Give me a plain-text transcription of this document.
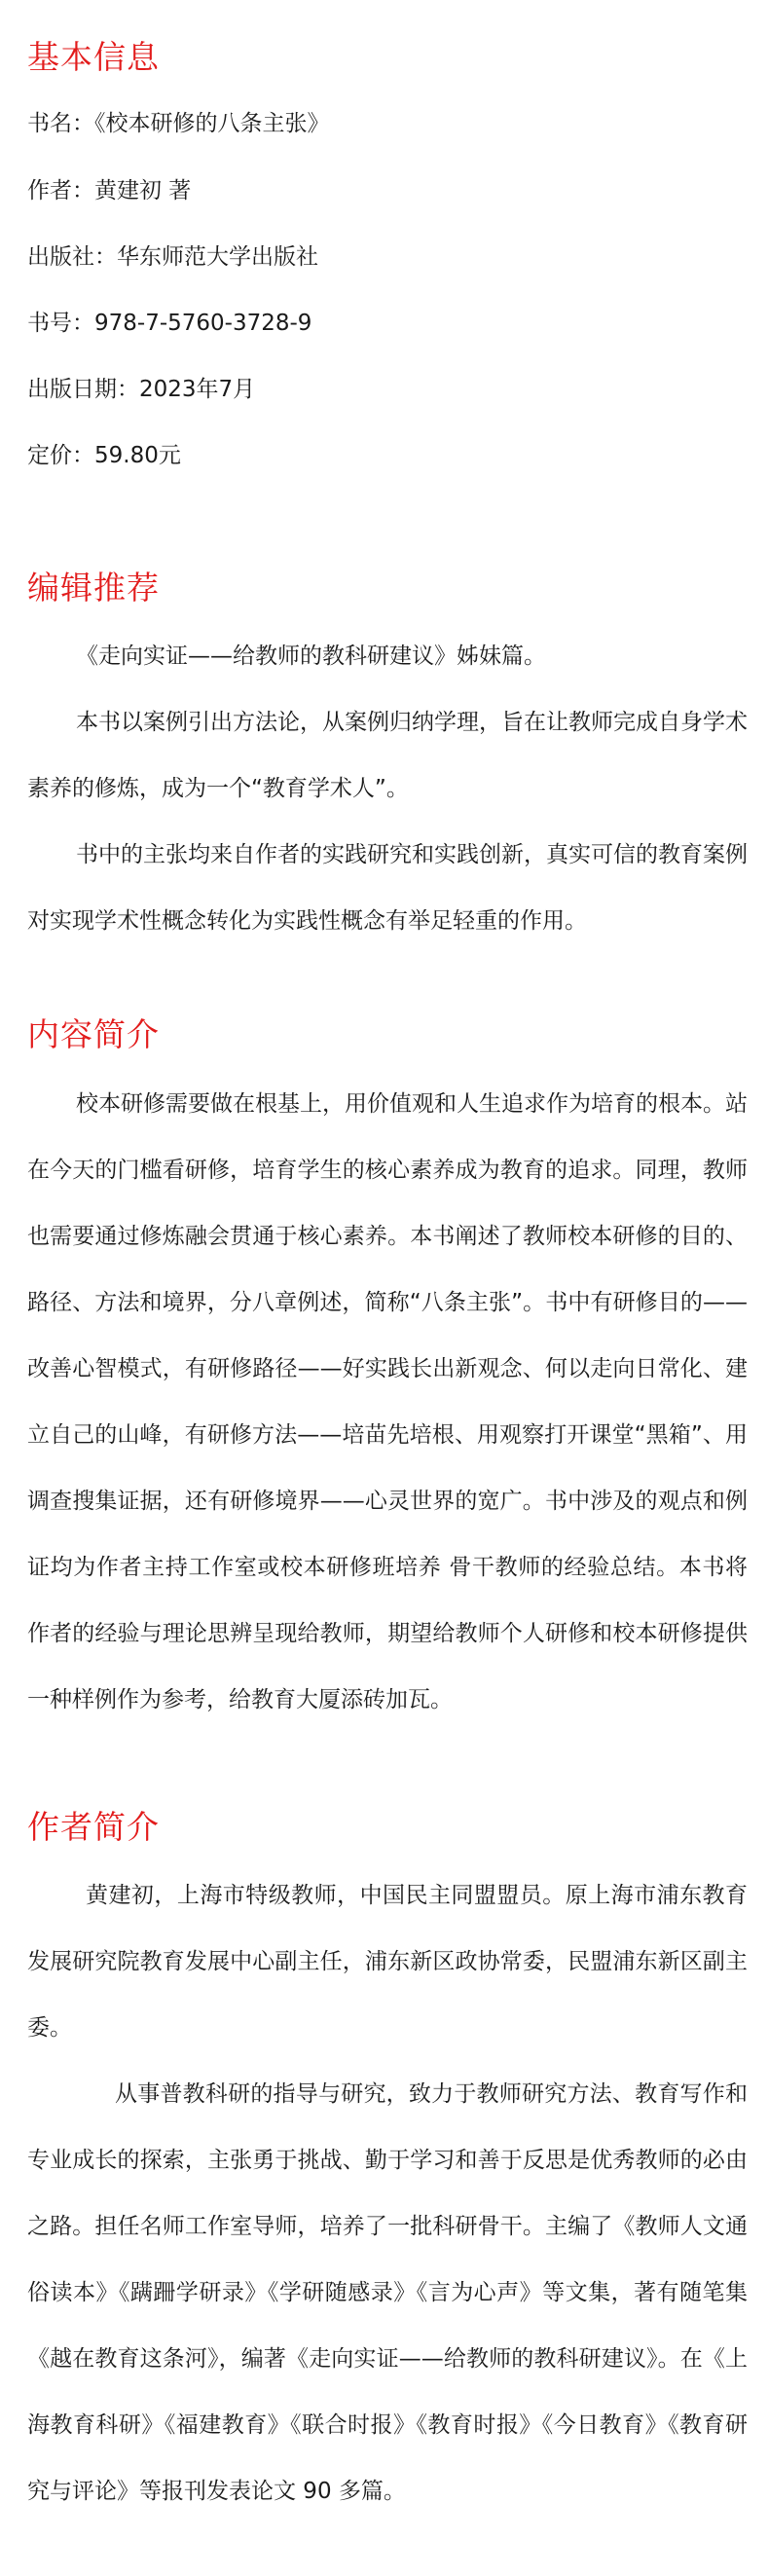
基本信息
书名：《校本研修的八条主张》
作者：黄建初 著
出版社：华东师范大学出版社
书号：978-7-5760-3728-9
出版日期：2023年7月
定价：59.80元
编辑推荐

《走向实证——给教师的教科研建议》姊妹篇。

本书以案例引出方法论，从案例归纳学理，旨在让教师完成自身学术素养的修炼，成为一个“教育学术人”。

书中的主张均来自作者的实践研究和实践创新，真实可信的教育案例对实现学术性概念转化为实践性概念有举足轻重的作用。

内容简介

校本研修需要做在根基上，用价值观和人生追求作为培育的根本。站在今天的门槛看研修，培育学生的核心素养成为教育的追求。同理，教师也需要通过修炼融会贯通于核心素养。本书阐述了教师校本研修的目的、路径、方法和境界，分八章例述，简称“八条主张”。书中有研修目的——改善心智模式，有研修路径——好实践长出新观念、何以走向日常化、建立自己的山峰，有研修方法——培苗先培根、用观察打开课堂“黑箱”、用调查搜集证据，还有研修境界——心灵世界的宽广。书中涉及的观点和例证均为作者主持工作室或校本研修班培养 骨干教师的经验总结。本书将作者的经验与理论思辨呈现给教师，期望给教师个人研修和校本研修提供一种样例作为参考，给教育大厦添砖加瓦。

作者简介

黄建初，上海市特级教师，中国民主同盟盟员。原上海市浦东教育发展研究院教育发展中心副主任，浦东新区政协常委，民盟浦东新区副主委。

从事普教科研的指导与研究，致力于教师研究方法、教育写作和专业成长的探索，主张勇于挑战、勤于学习和善于反思是优秀教师的必由之路。担任名师工作室导师，培养了一批科研骨干。主编了《教师人文通俗读本》《蹒跚学研录》《学研随感录》《言为心声》等文集，著有随笔集《越在教育这条河》，编著《走向实证——给教师的教科研建议》。在《上海教育科研》《福建教育》《联合时报》《教育时报》《今日教育》《教育研究与评论》等报刊发表论文 90 多篇。
